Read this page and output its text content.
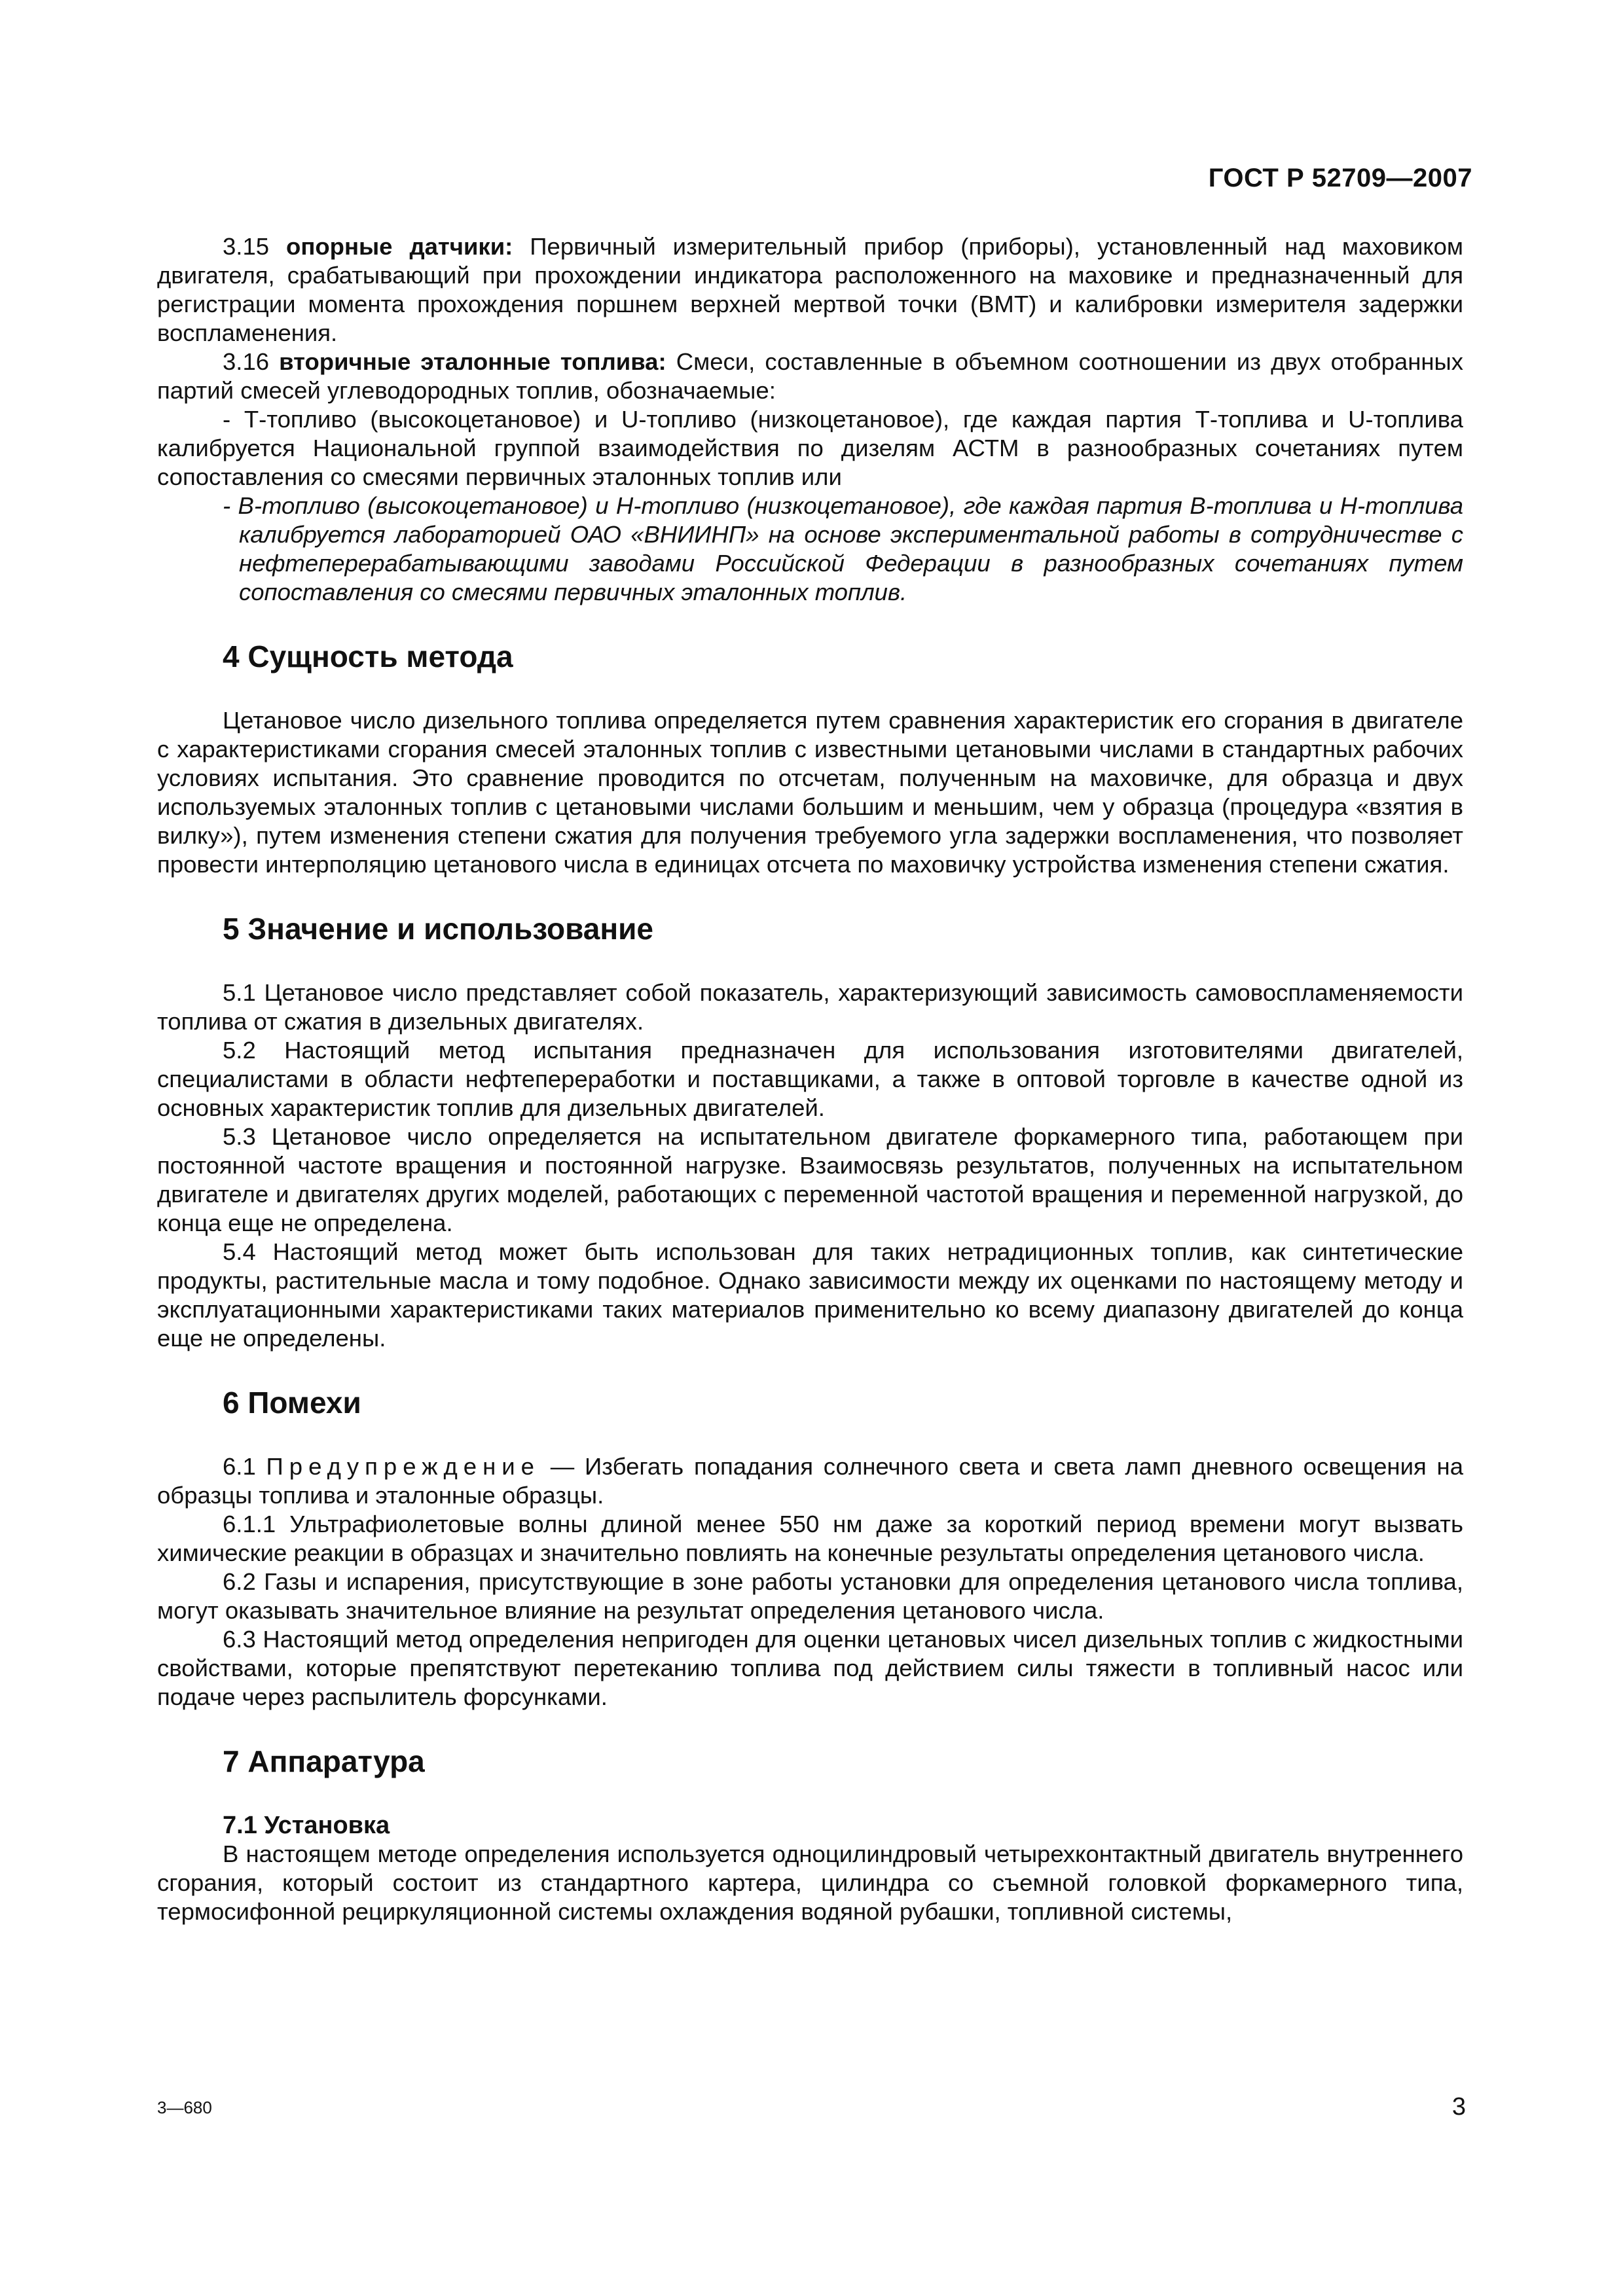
ГОСТ Р 52709—2007

3.15 опорные датчики: Первичный измерительный прибор (приборы), установленный над маховиком двигателя, срабатывающий при прохождении индикатора расположенного на маховике и предназначенный для регистрации момента прохождения поршнем верхней мертвой точки (ВМТ) и калибровки измерителя задержки воспламенения.

3.16 вторичные эталонные топлива: Смеси, составленные в объемном соотношении из двух отобранных партий смесей углеводородных топлив, обозначаемые:

- Т-топливо (высокоцетановое) и U-топливо (низкоцетановое), где каждая партия Т-топлива и U-топлива калибруется Национальной группой взаимодействия по дизелям АСТМ в разнообразных сочетаниях путем сопоставления со смесями первичных эталонных топлив или

- В-топливо (высокоцетановое) и Н-топливо (низкоцетановое), где каждая партия В-топлива и Н-топлива калибруется лабораторией ОАО «ВНИИНП» на основе экспериментальной работы в сотрудничестве с нефтеперерабатывающими заводами Российской Федерации в разнообразных сочетаниях путем сопоставления со смесями первичных эталонных топлив.

4 Сущность метода

Цетановое число дизельного топлива определяется путем сравнения характеристик его сгорания в двигателе с характеристиками сгорания смесей эталонных топлив с известными цетановыми числами в стандартных рабочих условиях испытания. Это сравнение проводится по отсчетам, полученным на маховичке, для образца и двух используемых эталонных топлив с цетановыми числами большим и меньшим, чем у образца (процедура «взятия в вилку»), путем изменения степени сжатия для получения требуемого угла задержки воспламенения, что позволяет провести интерполяцию цетанового числа в единицах отсчета по маховичку устройства изменения степени сжатия.

5 Значение и использование

5.1 Цетановое число представляет собой показатель, характеризующий зависимость самовоспламеняемости топлива от сжатия в дизельных двигателях.

5.2 Настоящий метод испытания предназначен для использования изготовителями двигателей, специалистами в области нефтепереработки и поставщиками, а также в оптовой торговле в качестве одной из основных характеристик топлив для дизельных двигателей.

5.3 Цетановое число определяется на испытательном двигателе форкамерного типа, работающем при постоянной частоте вращения и постоянной нагрузке. Взаимосвязь результатов, полученных на испытательном двигателе и двигателях других моделей, работающих с переменной частотой вращения и переменной нагрузкой, до конца еще не определена.

5.4 Настоящий метод может быть использован для таких нетрадиционных топлив, как синтетические продукты, растительные масла и тому подобное. Однако зависимости между их оценками по настоящему методу и эксплуатационными характеристиками таких материалов применительно ко всему диапазону двигателей до конца еще не определены.

6 Помехи

6.1 Предупреждение — Избегать попадания солнечного света и света ламп дневного освещения на образцы топлива и эталонные образцы.

6.1.1 Ультрафиолетовые волны длиной менее 550 нм даже за короткий период времени могут вызвать химические реакции в образцах и значительно повлиять на конечные результаты определения цетанового числа.

6.2 Газы и испарения, присутствующие в зоне работы установки для определения цетанового числа топлива, могут оказывать значительное влияние на результат определения цетанового числа.

6.3 Настоящий метод определения непригоден для оценки цетановых чисел дизельных топлив с жидкостными свойствами, которые препятствуют перетеканию топлива под действием силы тяжести в топливный насос или подаче через распылитель форсунками.

7 Аппаратура
7.1 Установка

В настоящем методе определения используется одноцилиндровый четырехконтактный двигатель внутреннего сгорания, который состоит из стандартного картера, цилиндра со съемной головкой форкамерного типа, термосифонной рециркуляционной системы охлаждения водяной рубашки, топливной системы,

3—680	3
